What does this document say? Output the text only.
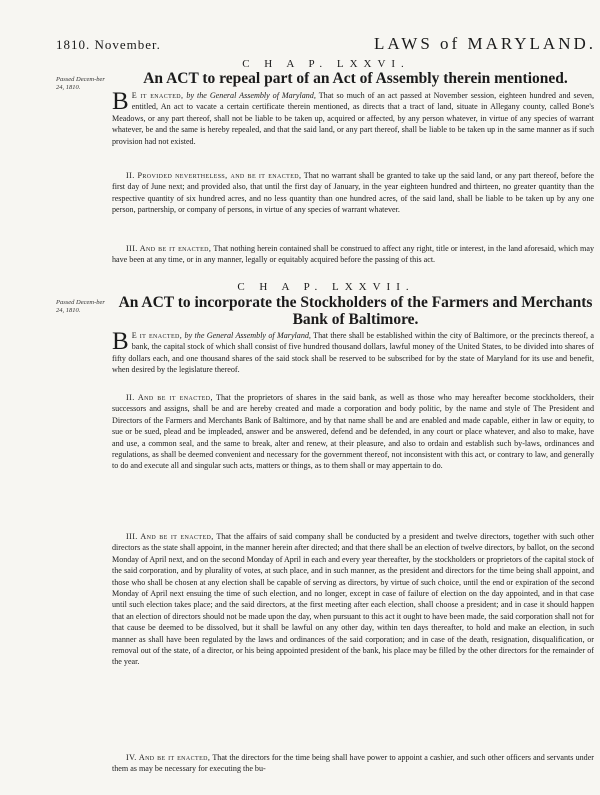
1810. November.	LAWS of MARYLAND.
C H A P. LXXVI.
Passed Decem-ber 24, 1810.
An ACT to repeal part of an Act of Assembly therein mentioned.

B E it enacted, by the General Assembly of Maryland, That so much of an act passed at November session, eighteen hundred and seven, entitled, An act to vacate a certain certificate therein mentioned, as directs that a tract of land, situate in Allegany county, called Bone's Meadows, or any part thereof, shall not be liable to be taken up, acquired or affected, by any person whatever, in virtue of any species of warrant whatever, be and the same is hereby repealed, and that the said land, or any part thereof, shall be liable to be taken up in the same manner as if such provision had not existed.

II. Provided nevertheless, and be it enacted, That no warrant shall be granted to take up the said land, or any part thereof, before the first day of June next; and provided also, that until the first day of January, in the year eighteen hundred and thirteen, no greater quantity than the respective quantity of six hundred acres, and no less quantity than one hundred acres, of the said land, shall be liable to be taken up by any one person, partnership, or company of persons, in virtue of any species of warrant whatever.

III. And be it enacted, That nothing herein contained shall be construed to affect any right, title or interest, in the land aforesaid, which may have been at any time, or in any manner, legally or equitably acquired before the passing of this act.

C H A P. LXXVII.
Passed Decem-ber 24, 1810.	An ACT to incorporate the Stockholders of the Farmers and Merchants Bank of Baltimore.

B E it enacted, by the General Assembly of Maryland, That there shall be established within the city of Baltimore, or the precincts thereof, a bank, the capital stock of which shall consist of five hundred thousand dollars, lawful money of the United States, to be divided into shares of fifty dollars each, and one thousand shares of the said stock shall be reserved to be subscribed for by the state of Maryland for its use and benefit, when desired by the legislature thereof.

II. And be it enacted, That the proprietors of shares in the said bank, as well as those who may hereafter become stockholders, their successors and assigns, shall be and are hereby created and made a corporation and body politic, by the name and style of The President and Directors of the Farmers and Merchants Bank of Baltimore, and by that name shall be and are enabled and made capable, either in law or equity, to sue or be sued, plead and be impleaded, answer and be answered, defend and be defended, in any court or place whatever, and also to make, have and use, a common seal, and the same to break, alter and renew, at their pleasure, and also to ordain and establish such by-laws, ordinances and regulations, as shall be deemed convenient and necessary for the government thereof, not inconsistent with this act, or contrary to law, and generally to do and execute all and singular such acts, matters or things, as to them shall or may appertain to do.

III. And be it enacted, That the affairs of said company shall be conducted by a president and twelve directors, together with such other directors as the state shall appoint, in the manner herein after directed; and that there shall be an election of twelve directors, by ballot, on the second Monday of April next, and on the second Monday of April in each and every year thereafter, by the stockholders or proprietors of the capital stock of the said corporation, and by plurality of votes, at such place, and in such manner, as the president and directors for the time being shall appoint, and those who shall be chosen at any election shall be capable of serving as directors, by virtue of such choice, until the end or expiration of the second Monday of April next ensuing the time of such election, and no longer, except in case of failure of election on the day appointed, and in that case until such election takes place; and the said directors, at the first meeting after each election, shall choose a president; and in case it should happen that an election of directors should not be made upon the day, when pursuant to this act it ought to have been made, the said corporation shall not for that cause be deemed to be dissolved, but it shall be lawful on any other day, within ten days thereafter, to hold and make an election, in such manner as shall have been regulated by the laws and ordinances of the said corporation; and in case of the death, resignation, disqualification, or removal out of the state, of a director, or his being appointed president of the bank, his place may be filled by the other directors for the remainder of the year.

IV. And be it enacted, That the directors for the time being shall have power to appoint a cashier, and such other officers and servants under them as may be necessary for executing the bu-
